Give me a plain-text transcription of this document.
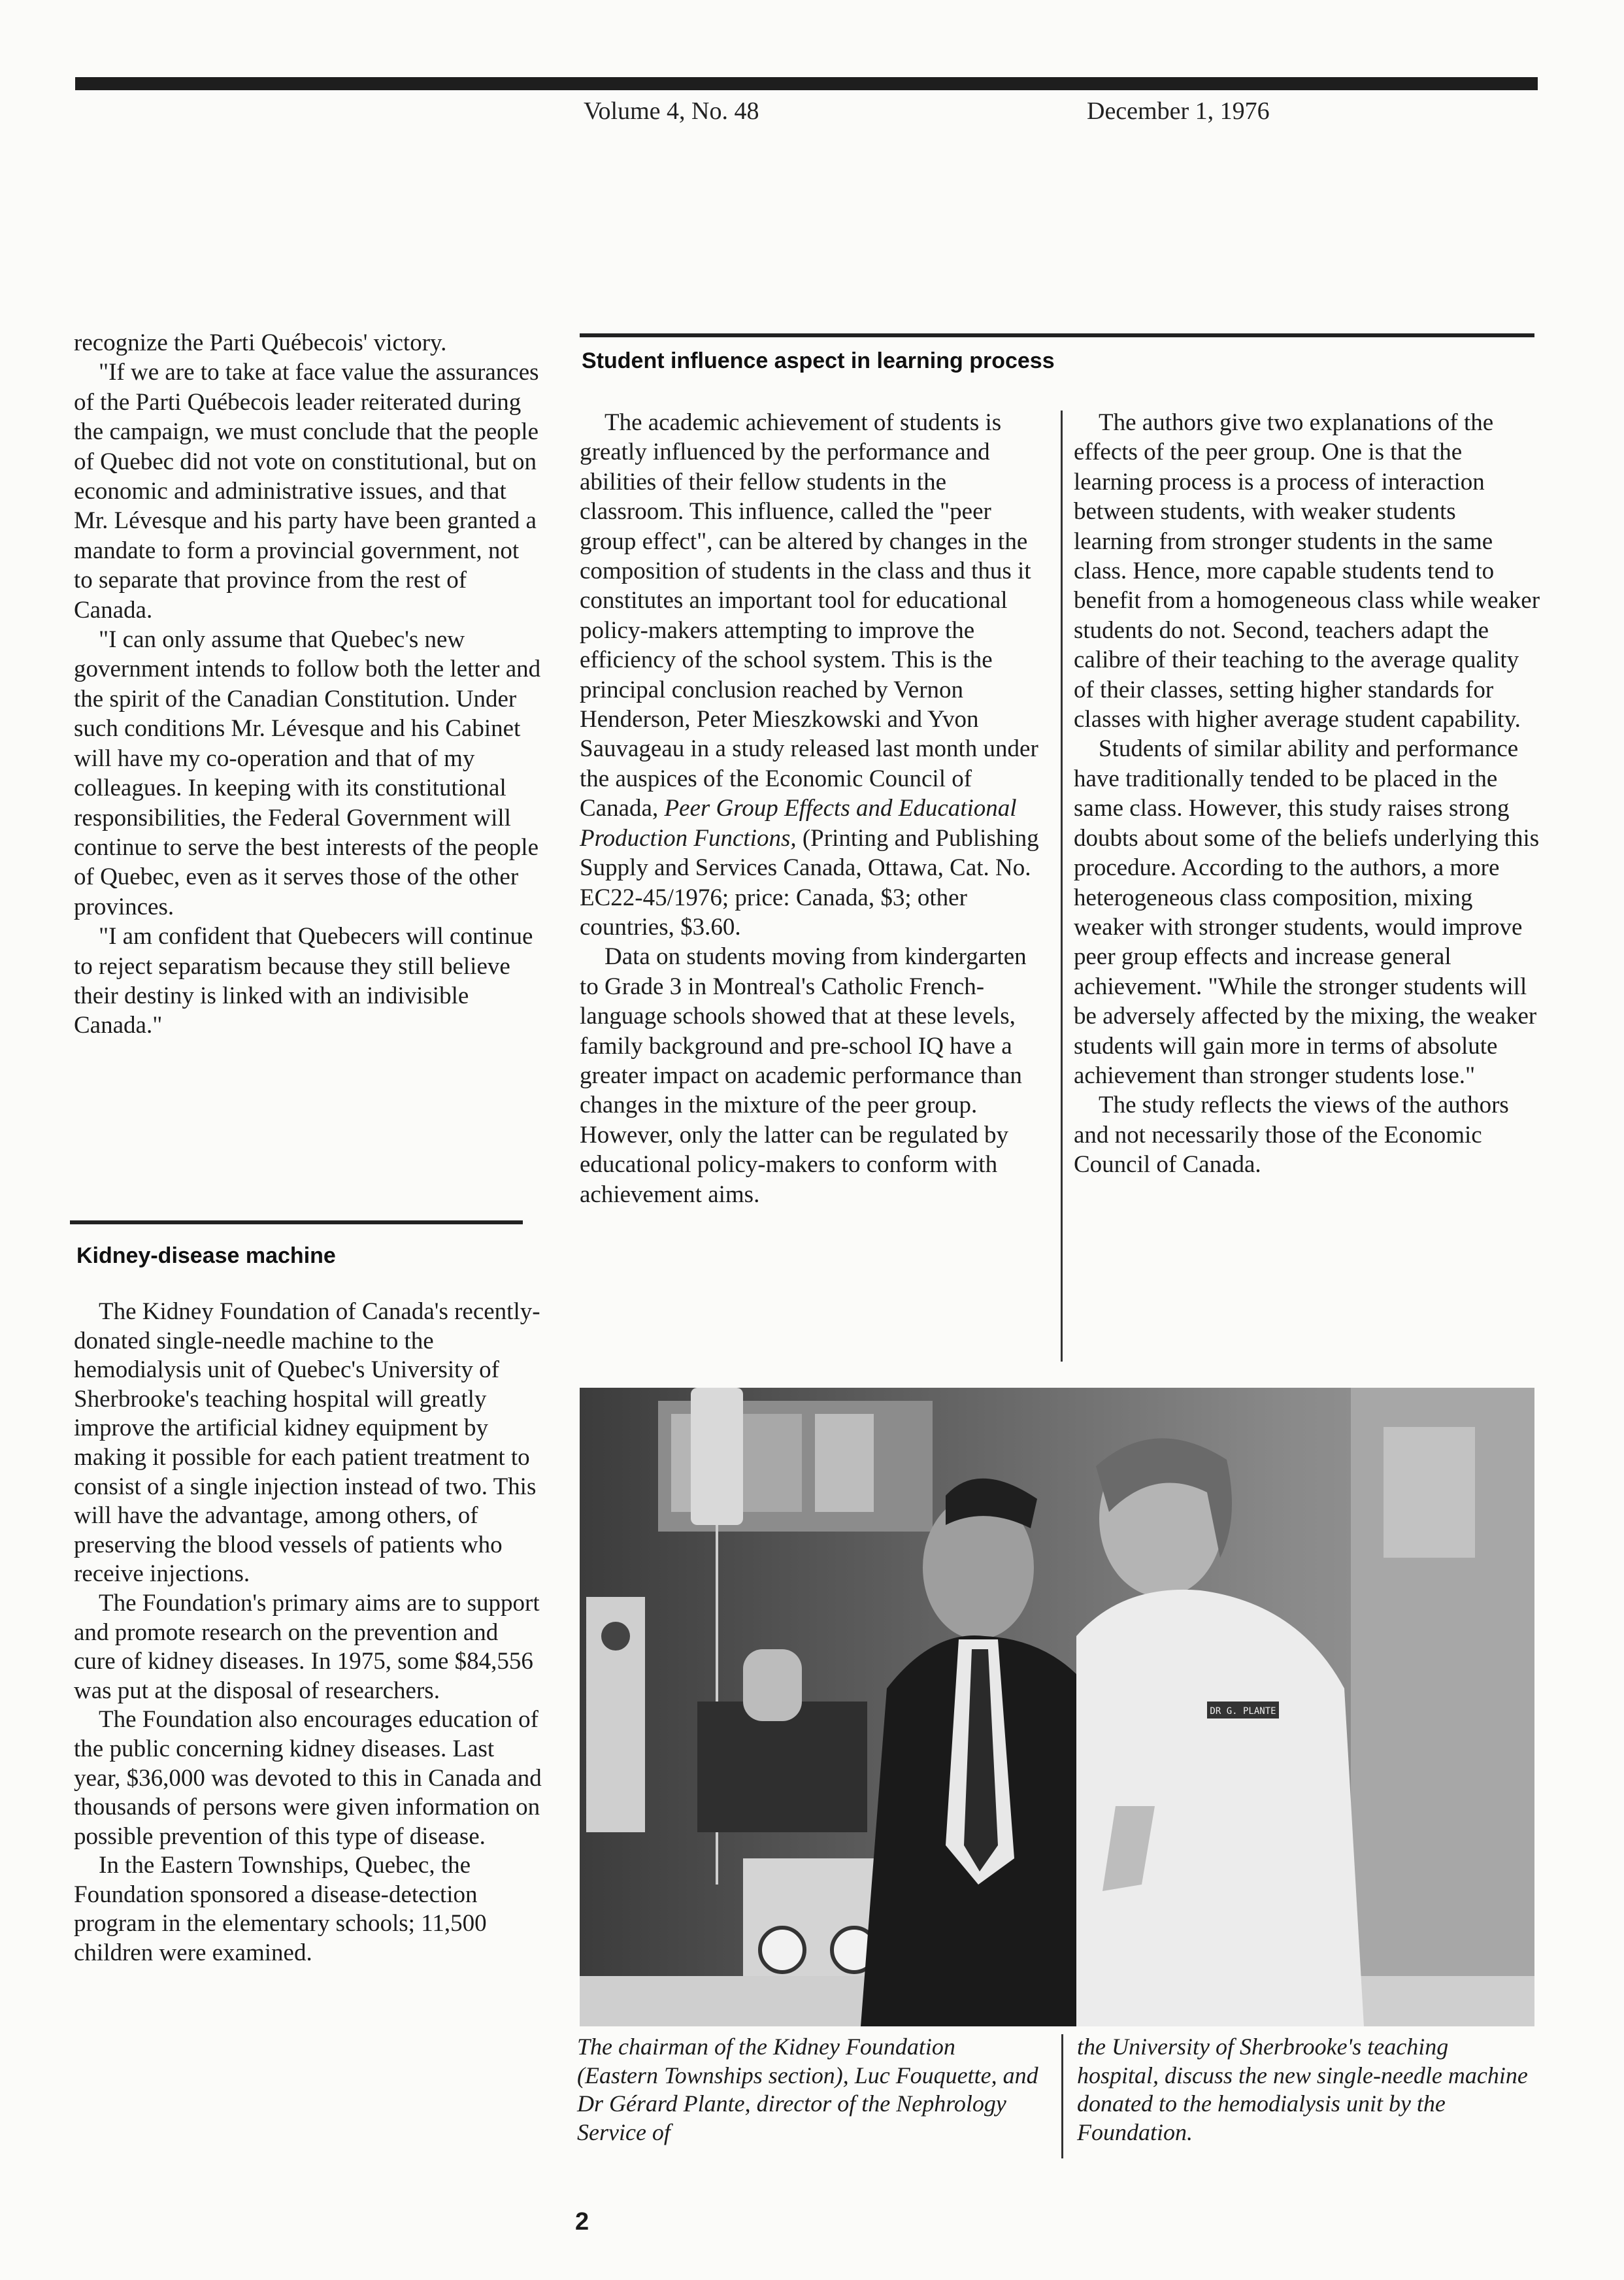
Volume 4, No. 48	December 1, 1976

recognize the Parti Québecois' victory.

"If we are to take at face value the assurances of the Parti Québecois leader reiterated during the campaign, we must conclude that the people of Quebec did not vote on constitutional, but on economic and administrative issues, and that Mr. Lévesque and his party have been granted a mandate to form a provincial government, not to separate that province from the rest of Canada.

"I can only assume that Quebec's new government intends to follow both the letter and the spirit of the Canadian Constitution. Under such conditions Mr. Lévesque and his Cabinet will have my co-operation and that of my colleagues. In keeping with its constitutional responsibilities, the Federal Government will continue to serve the best interests of the people of Quebec, even as it serves those of the other provinces.

"I am confident that Quebecers will continue to reject separatism because they still believe their destiny is linked with an indivisible Canada."

Kidney-disease machine

The Kidney Foundation of Canada's recently-donated single-needle machine to the hemodialysis unit of Quebec's University of Sherbrooke's teaching hospital will greatly improve the artificial kidney equipment by making it possible for each patient treatment to consist of a single injection instead of two. This will have the advantage, among others, of preserving the blood vessels of patients who receive injections.

The Foundation's primary aims are to support and promote research on the prevention and cure of kidney diseases. In 1975, some $84,556 was put at the disposal of researchers.

The Foundation also encourages education of the public concerning kidney diseases. Last year, $36,000 was devoted to this in Canada and thousands of persons were given information on possible prevention of this type of disease.

In the Eastern Townships, Quebec, the Foundation sponsored a disease-detection program in the elementary schools; 11,500 children were examined.

Student influence aspect in learning process

The academic achievement of students is greatly influenced by the performance and abilities of their fellow students in the classroom. This influence, called the "peer group effect", can be altered by changes in the composition of students in the class and thus it constitutes an important tool for educational policy-makers attempting to improve the efficiency of the school system. This is the principal conclusion reached by Vernon Henderson, Peter Mieszkowski and Yvon Sauvageau in a study released last month under the auspices of the Economic Council of Canada, Peer Group Effects and Educational Production Functions, (Printing and Publishing Supply and Services Canada, Ottawa, Cat. No. EC22-45/1976; price: Canada, $3; other countries, $3.60.

Data on students moving from kindergarten to Grade 3 in Montreal's Catholic French-language schools showed that at these levels, family background and pre-school IQ have a greater impact on academic performance than changes in the mixture of the peer group. However, only the latter can be regulated by educational policy-makers to conform with achievement aims.

The authors give two explanations of the effects of the peer group. One is that the learning process is a process of interaction between students, with weaker students learning from stronger students in the same class. Hence, more capable students tend to benefit from a homogeneous class while weaker students do not. Second, teachers adapt the calibre of their teaching to the average quality of their classes, setting higher standards for classes with higher average student capability.

Students of similar ability and performance have traditionally tended to be placed in the same class. However, this study raises strong doubts about some of the beliefs underlying this procedure. According to the authors, a more heterogeneous class composition, mixing weaker with stronger students, would improve peer group effects and increase general achievement. "While the stronger students will be adversely affected by the mixing, the weaker students will gain more in terms of absolute achievement than stronger students lose."

The study reflects the views of the authors and not necessarily those of the Economic Council of Canada.

DR G. PLANTE
The chairman of the Kidney Foundation (Eastern Townships section), Luc Fouquette, and Dr Gérard Plante, director of the Nephrology Service of
the University of Sherbrooke's teaching hospital, discuss the new single-needle machine donated to the hemodialysis unit by the Foundation.
2
